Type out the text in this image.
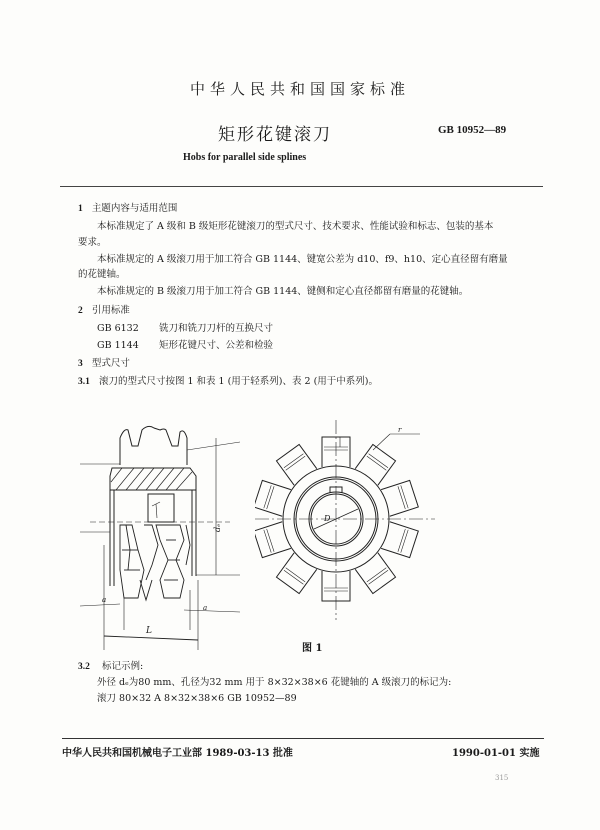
中华人民共和国国家标准
矩形花键滚刀	GB 10952—89
Hobs for parallel side splines
1 主题内容与适用范围
本标准规定了 A 级和 B 级矩形花键滚刀的型式尺寸、技术要求、性能试验和标志、包装的基本
要求。
本标准规定的 A 级滚刀用于加工符合 GB 1144、键宽公差为 d10、f9、h10、定心直径留有磨量
的花键轴。
本标准规定的 B 级滚刀用于加工符合 GB 1144、键侧和定心直径都留有磨量的花键轴。
2 引用标准
GB 6132 铣刀和铣刀刀杆的互换尺寸
GB 1144 矩形花键尺寸、公差和检验
3 型式尺寸
3.1 滚刀的型式尺寸按图 1 和表 1 (用于轻系列)、表 2 (用于中系列)。
dₑ
a
a
L
D
r
图 1
3.2 标记示例:
外径 dₑ为80 mm、孔径为32 mm 用于 8×32×38×6 花键轴的 A 级滚刀的标记为:
滚刀 80×32 A 8×32×38×6 GB 10952—89
中华人民共和国机械电子工业部 1989-03-13 批准	1990-01-01 实施
315
